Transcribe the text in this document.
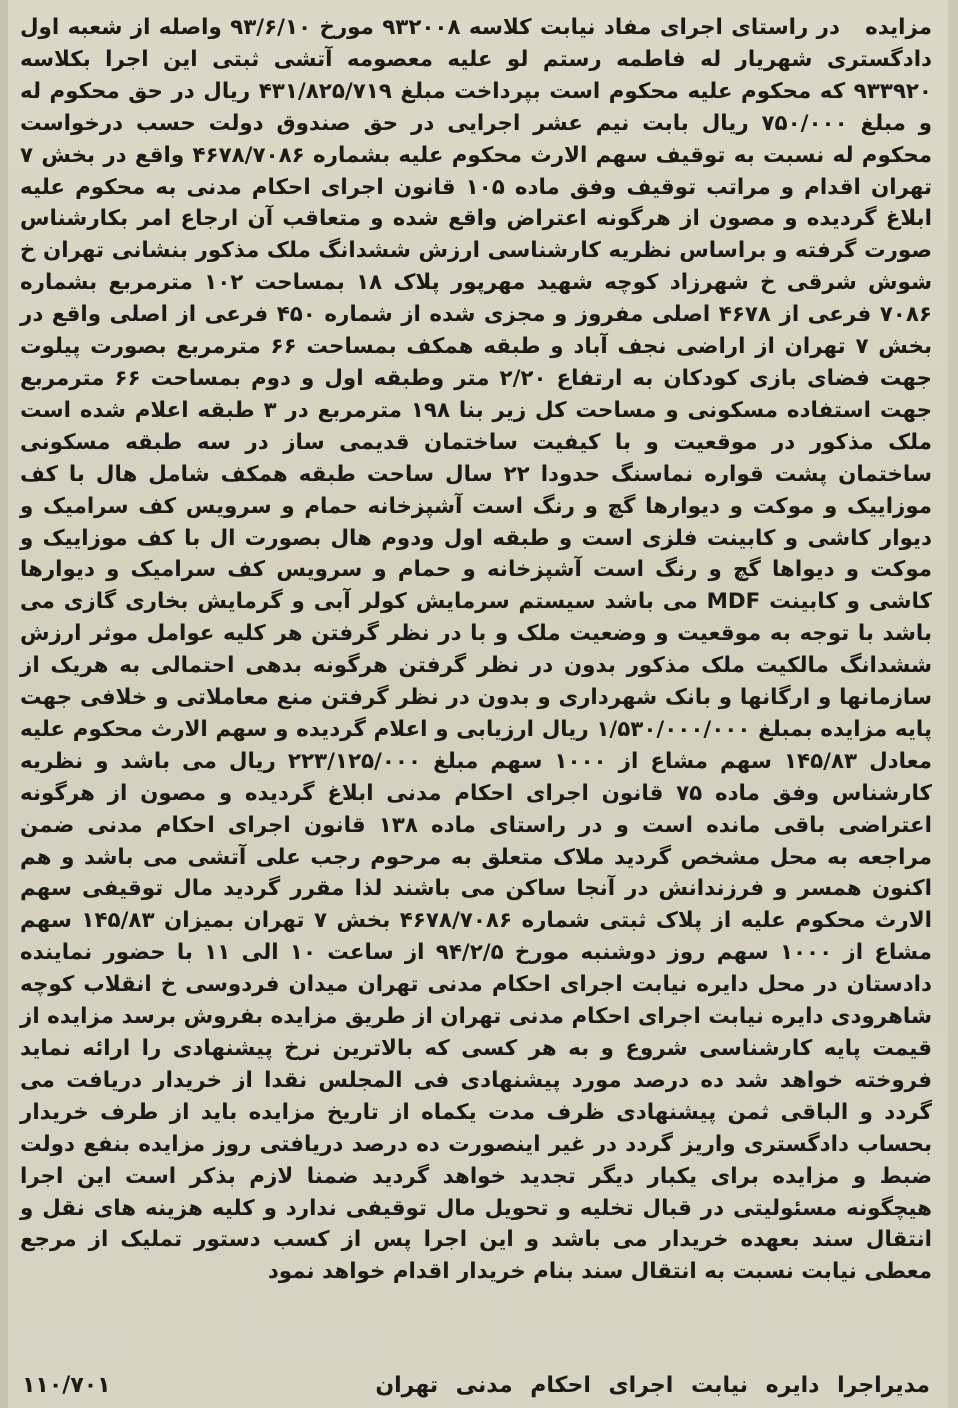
مزایده   در راستای اجرای مفاد نیابت کلاسه ۹۳۲۰۰۸ مورخ ۹۳/۶/۱۰ واصله از شعبه اول دادگستری شهریار له فاطمه رستم لو علیه معصومه آتشی ثبتی این اجرا بکلاسه ۹۳۳۹۲۰ که محکوم علیه محکوم است بپرداخت مبلغ ۴۳۱/۸۲۵/۷۱۹ ریال در حق محکوم له و مبلغ ۷۵۰/۰۰۰ ریال بابت نیم عشر اجرایی در حق صندوق دولت حسب درخواست محکوم له نسبت به توقیف سهم الارث محکوم علیه بشماره ۴۶۷۸/۷۰۸۶ واقع در بخش ۷ تهران اقدام و مراتب توقیف وفق ماده ۱۰۵ قانون اجرای احکام مدنی به محکوم علیه ابلاغ گردیده و مصون از هرگونه اعتراض واقع شده و متعاقب آن ارجاع امر بکارشناس صورت گرفته و براساس نظریه کارشناسی ارزش ششدانگ ملک مذکور بنشانی تهران خ شوش شرقی خ شهرزاد کوچه شهید مهرپور پلاک ۱۸ بمساحت ۱۰۲ مترمربع بشماره ۷۰۸۶ فرعی از ۴۶۷۸ اصلی مفروز و مجزی شده از شماره ۴۵۰ فرعی از اصلی واقع در بخش ۷ تهران از اراضی نجف آباد و طبقه همکف بمساحت ۶۶ مترمربع بصورت پیلوت جهت فضای بازی کودکان به ارتفاع ۲/۲۰ متر وطبقه اول و دوم بمساحت ۶۶ مترمربع جهت استفاده مسکونی و مساحت کل زیر بنا ۱۹۸ مترمربع در ۳ طبقه اعلام شده است ملک مذکور در موقعیت و با کیفیت ساختمان قدیمی ساز در سه طبقه مسکونی ساختمان پشت قواره نماسنگ حدودا ۲۲ سال ساحت طبقه همکف شامل هال با کف موزاییک و موکت و دیوارها گچ و رنگ است آشپزخانه حمام و سرویس کف سرامیک و دیوار کاشی و کابینت فلزی است و طبقه اول ودوم هال بصورت ال با کف موزاییک و موکت و دیواها گچ و رنگ است آشپزخانه و حمام و سرویس کف سرامیک و دیوارها کاشی و کابینت MDF می باشد سیستم سرمایش کولر آبی و گرمایش بخاری گازی می باشد با توجه به موقعیت و وضعیت ملک و با در نظر گرفتن هر کلیه عوامل موثر ارزش ششدانگ مالکیت ملک مذکور بدون در نظر گرفتن هرگونه بدهی احتمالی به هریک از سازمانها و ارگانها و بانک شهرداری و بدون در نظر گرفتن منع معاملاتی و خلافی جهت پایه مزایده بمبلغ ۱/۵۳۰/۰۰۰/۰۰۰ ریال ارزیابی و اعلام گردیده و سهم الارث محکوم علیه معادل ۱۴۵/۸۳ سهم مشاع از ۱۰۰۰ سهم مبلغ ۲۲۳/۱۲۵/۰۰۰ ریال می باشد و نظریه کارشناس وفق ماده ۷۵ قانون اجرای احکام مدنی ابلاغ گردیده و مصون از هرگونه اعتراضی باقی مانده است و در راستای ماده ۱۳۸ قانون اجرای احکام مدنی ضمن مراجعه به محل مشخص گردید ملاک متعلق به مرحوم رجب علی آتشی می باشد و هم اکنون همسر و فرزندانش در آنجا ساکن می باشند لذا مقرر گردید مال توقیفی سهم الارث محکوم علیه از پلاک ثبتی شماره ۴۶۷۸/۷۰۸۶ بخش ۷ تهران بمیزان ۱۴۵/۸۳ سهم مشاع از ۱۰۰۰ سهم روز دوشنبه مورخ ۹۴/۲/۵ از ساعت ۱۰ الی ۱۱ با حضور نماینده دادستان در محل دایره نیابت اجرای احکام مدنی تهران میدان فردوسی خ انقلاب کوچه شاهرودی دایره نیابت اجرای احکام مدنی تهران از طریق مزایده بفروش برسد مزایده از قیمت پایه کارشناسی شروع و به هر کسی که بالاترین نرخ پیشنهادی را ارائه نماید فروخته خواهد شد ده درصد مورد پیشنهادی فی المجلس نقدا از خریدار دریافت می گردد و الباقی ثمن پیشنهادی ظرف مدت یکماه از تاریخ مزایده باید از طرف خریدار بحساب دادگستری واریز گردد در غیر اینصورت ده درصد دریافتی روز مزایده بنفع دولت ضبط و مزایده برای یکبار دیگر تجدید خواهد گردید ضمنا لازم بذکر است این اجرا هیچگونه مسئولیتی در قبال تخلیه و تحویل مال توقیفی ندارد و کلیه هزینه های نقل و انتقال سند بعهده خریدار می باشد و این اجرا پس از کسب دستور تملیک از مرجع معطی نیابت نسبت به انتقال سند بنام خریدار اقدام خواهد نمود

مدیراجرا دایره نیابت اجرای احکام مدنی تهران
۱۱۰/۷۰۱
